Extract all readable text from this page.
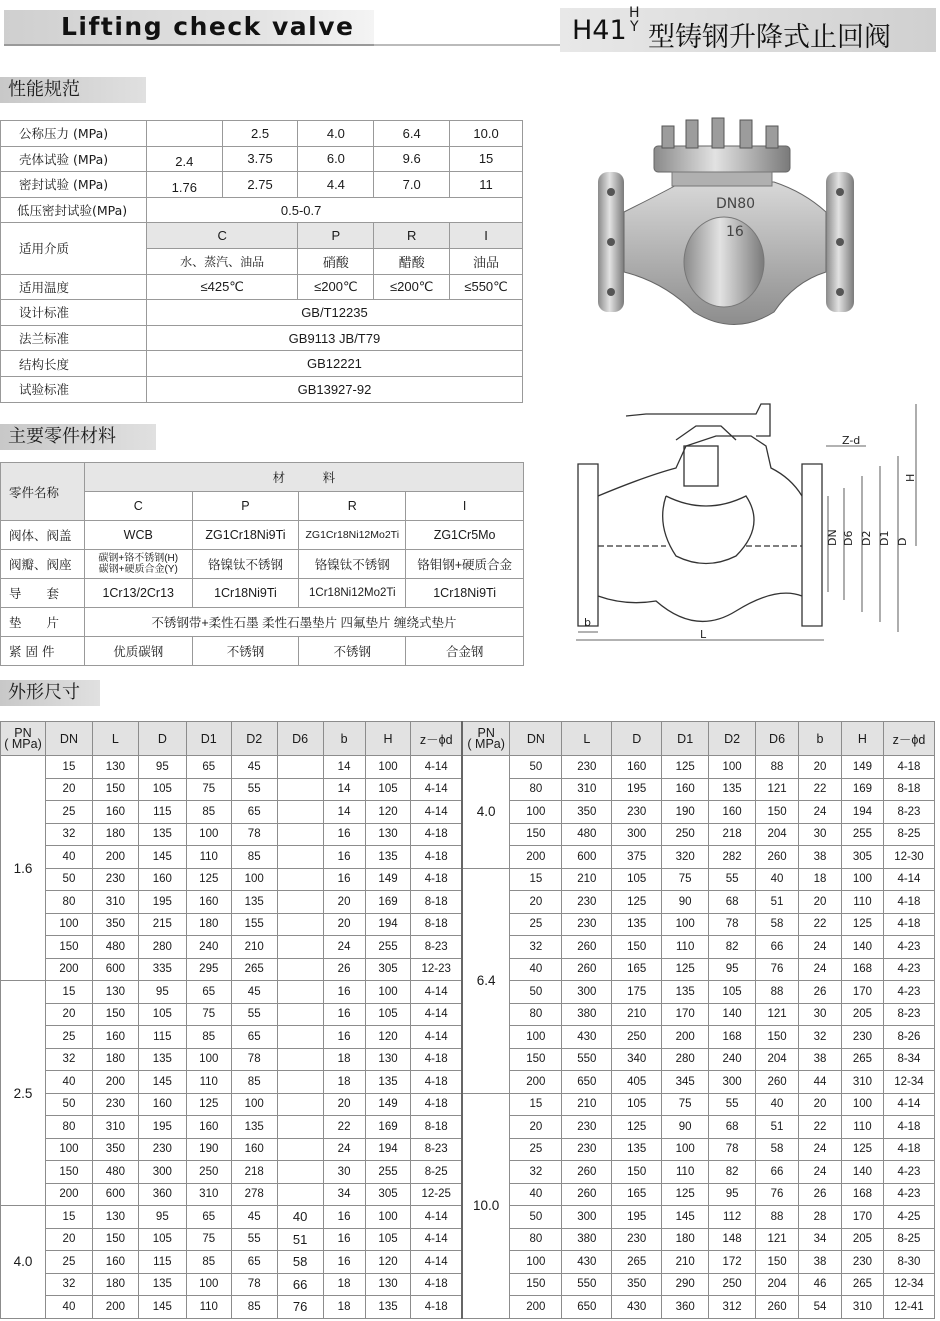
Lifting check valve	H41
H
Y 型铸钢升降式止回阀
性能规范
公称压力 (MPa)		2.5	4.0	6.4	10.0
壳体试验 (MPa)	2.4	3.75	6.0	9.6	15
密封试验 (MPa)	1.76	2.75	4.4	7.0	11
低压密封试验(MPa)	0.5-0.7				
适用介质	C		P	R	I
	水、蒸汽、油品		硝酸	醋酸	油品
适用温度	≤425℃		≤200℃	≤200℃	≤550℃
设计标准	GB/T12235				
法兰标准	GB9113 JB/T79				
结构长度	GB12221				
试验标准	GB13927-92				
DN80
16
主要零件材料
零件名称	材　　　料			
	C	P	R	I
阀体、阀盖	WCB	ZG1Cr18Ni9Ti	ZG1Cr18Ni12Mo2Ti	ZG1Cr5Mo
阀瓣、阀座	碳钢+铬不锈钢(H)
碳钢+硬质合金(Y)	铬镍钛不锈钢	铬镍钛不锈钢	铬钼钢+硬质合金
导　　套	1Cr13/2Cr13	1Cr18Ni9Ti	1Cr18Ni12Mo2Ti	1Cr18Ni9Ti
垫　　片	不锈钢带+柔性石墨 柔性石墨垫片 四氟垫片 缠绕式垫片			
紧 固 件	优质碳钢	不锈钢	不锈钢	合金钢
Z-d
H
DN D6 D2 D1 D
b
L
外形尺寸
PN
( MPa)	DN	L	D	D1	D2	D6	b	H	z－ϕd	PN
( MPa)	DN	L	D	D1	D2	D6	b	H	z－ϕd
1.6	15	130	95	65	45		14	100	4-14	4.0	50	230	160	125	100	88	20	149	4-18
	20	150	105	75	55		14	105	4-14		80	310	195	160	135	121	22	169	8-18
	25	160	115	85	65		14	120	4-14		100	350	230	190	160	150	24	194	8-23
	32	180	135	100	78		16	130	4-18		150	480	300	250	218	204	30	255	8-25
	40	200	145	110	85		16	135	4-18		200	600	375	320	282	260	38	305	12-30
	50	230	160	125	100		16	149	4-18	6.4	15	210	105	75	55	40	18	100	4-14
	80	310	195	160	135		20	169	8-18		20	230	125	90	68	51	20	110	4-18
	100	350	215	180	155		20	194	8-18		25	230	135	100	78	58	22	125	4-18
	150	480	280	240	210		24	255	8-23		32	260	150	110	82	66	24	140	4-23
	200	600	335	295	265		26	305	12-23		40	260	165	125	95	76	24	168	4-23
2.5	15	130	95	65	45		16	100	4-14		50	300	175	135	105	88	26	170	4-23
	20	150	105	75	55		16	105	4-14		80	380	210	170	140	121	30	205	8-23
	25	160	115	85	65		16	120	4-14		100	430	250	200	168	150	32	230	8-26
	32	180	135	100	78		18	130	4-18		150	550	340	280	240	204	38	265	8-34
	40	200	145	110	85		18	135	4-18		200	650	405	345	300	260	44	310	12-34
	50	230	160	125	100		20	149	4-18	10.0	15	210	105	75	55	40	20	100	4-14
	80	310	195	160	135		22	169	8-18		20	230	125	90	68	51	22	110	4-18
	100	350	230	190	160		24	194	8-23		25	230	135	100	78	58	24	125	4-18
	150	480	300	250	218		30	255	8-25		32	260	150	110	82	66	24	140	4-23
	200	600	360	310	278		34	305	12-25		40	260	165	125	95	76	26	168	4-23
4.0	15	130	95	65	45	40	16	100	4-14		50	300	195	145	112	88	28	170	4-25
	20	150	105	75	55	51	16	105	4-14		80	380	230	180	148	121	34	205	8-25
	25	160	115	85	65	58	16	120	4-14		100	430	265	210	172	150	38	230	8-30
	32	180	135	100	78	66	18	130	4-18		150	550	350	290	250	204	46	265	12-34
	40	200	145	110	85	76	18	135	4-18		200	650	430	360	312	260	54	310	12-41
